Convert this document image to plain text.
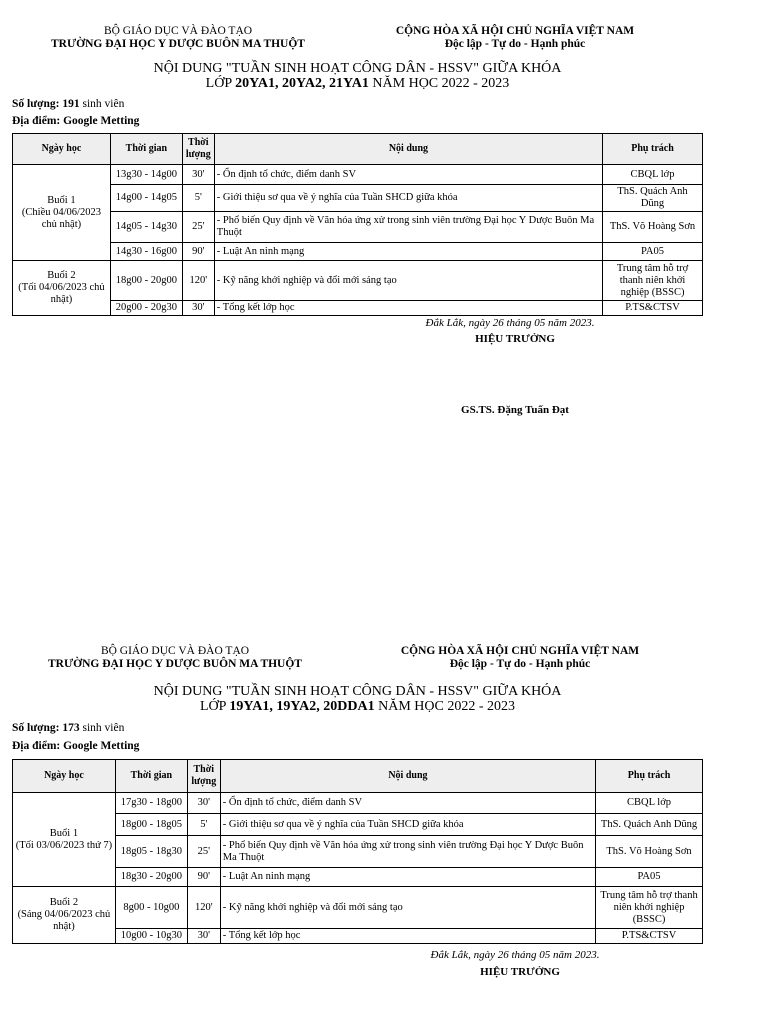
BỘ GIÁO DỤC VÀ ĐÀO TẠO
TRƯỜNG ĐẠI HỌC Y DƯỢC BUÔN MA THUỘT
CỘNG HÒA XÃ HỘI CHỦ NGHĨA VIỆT NAM
Độc lập - Tự do - Hạnh phúc
NỘI DUNG "TUẦN SINH HOẠT CÔNG DÂN - HSSV" GIỮA KHÓA
LỚP 20YA1, 20YA2, 21YA1 NĂM HỌC 2022 - 2023
Số lượng: 191 sinh viên
Địa điểm: Google Metting
Ngày học	Thời gian	Thời lượng	Nội dung	Phụ trách

Buổi 1
(Chiều 04/06/2023 chủ nhật)	13g30 - 14g00	30'	- Ổn định tổ chức, điểm danh SV	CBQL lớp
	14g00 - 14g05	5'	- Giới thiệu sơ qua về ý nghĩa của Tuần SHCD giữa khóa	ThS. Quách Anh Dũng
	14g05 - 14g30	25'	- Phổ biến Quy định về Văn hóa ứng xử trong sinh viên trường Đại học Y Dược Buôn Ma Thuột	ThS. Võ Hoàng Sơn
	14g30 - 16g00	90'	- Luật An ninh mạng	PA05

Buổi 2
(Tối 04/06/2023 chủ nhật)	18g00 - 20g00	120'	- Kỹ năng khởi nghiệp và đổi mới sáng tạo	Trung tâm hỗ trợ thanh niên khởi nghiệp (BSSC)
	20g00 - 20g30	30'	- Tổng kết lớp học	P.TS&CTSV
Đắk Lắk, ngày 26 tháng 05 năm 2023.
HIỆU TRƯỞNG
GS.TS. Đặng Tuấn Đạt
BỘ GIÁO DỤC VÀ ĐÀO TẠO
TRƯỜNG ĐẠI HỌC Y DƯỢC BUÔN MA THUỘT
CỘNG HÒA XÃ HỘI CHỦ NGHĨA VIỆT NAM
Độc lập - Tự do - Hạnh phúc
NỘI DUNG "TUẦN SINH HOẠT CÔNG DÂN - HSSV" GIỮA KHÓA
LỚP 19YA1, 19YA2, 20DDA1 NĂM HỌC 2022 - 2023
Số lượng: 173 sinh viên
Địa điểm: Google Metting
Ngày học	Thời gian	Thời lượng	Nội dung	Phụ trách

Buổi 1
(Tối 03/06/2023 thứ 7)	17g30 - 18g00	30'	- Ổn định tổ chức, điểm danh SV	CBQL lớp
	18g00 - 18g05	5'	- Giới thiệu sơ qua về ý nghĩa của Tuần SHCD giữa khóa	ThS. Quách Anh Dũng
	18g05 - 18g30	25'	- Phổ biến Quy định về Văn hóa ứng xử trong sinh viên trường Đại học Y Dược Buôn Ma Thuột	ThS. Võ Hoàng Sơn
	18g30 - 20g00	90'	- Luật An ninh mạng	PA05

Buổi 2
(Sáng 04/06/2023 chủ nhật)	8g00 - 10g00	120'	- Kỹ năng khởi nghiệp và đổi mới sáng tạo	Trung tâm hỗ trợ thanh niên khởi nghiệp (BSSC)
	10g00 - 10g30	30'	- Tổng kết lớp học	P.TS&CTSV
Đắk Lắk, ngày 26 tháng 05 năm 2023.
HIỆU TRƯỞNG
